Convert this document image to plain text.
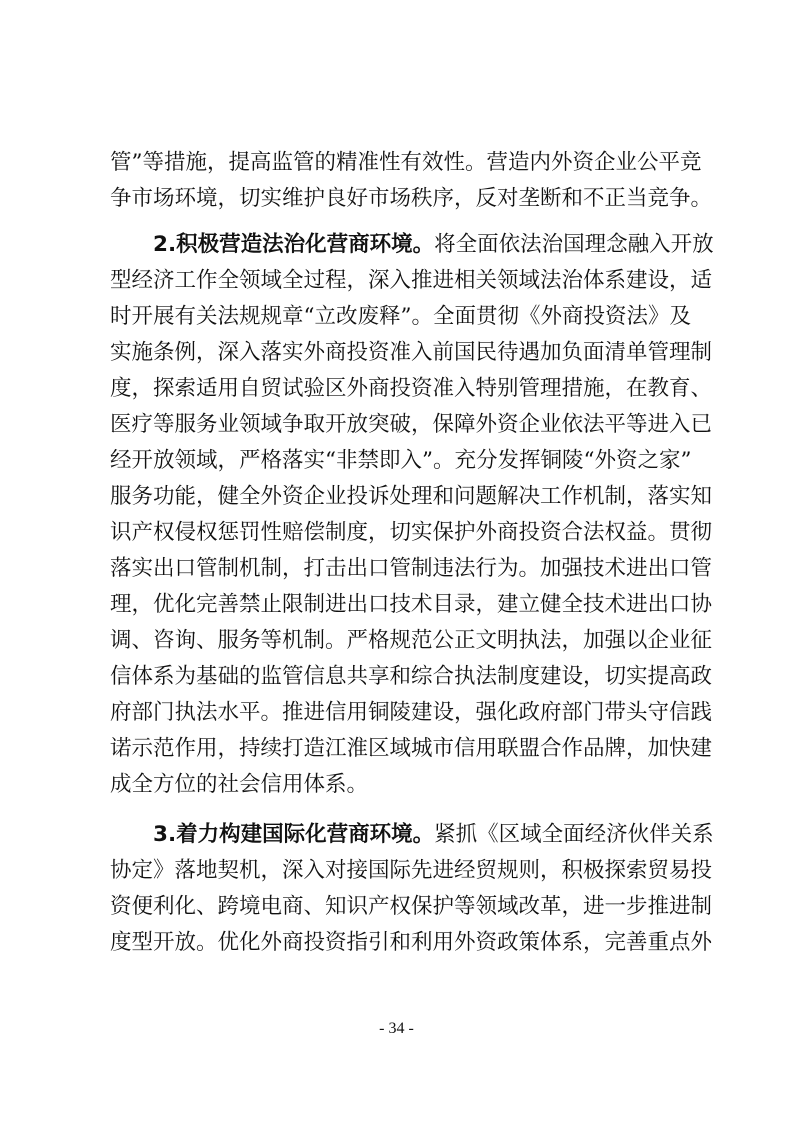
管”等措施，提高监管的精准性有效性。营造内外资企业公平竞
争市场环境，切实维护良好市场秩序，反对垄断和不正当竞争。
2.积极营造法治化营商环境。将全面依法治国理念融入开放
型经济工作全领域全过程，深入推进相关领域法治体系建设，适
时开展有关法规规章“立改废释”。全面贯彻《外商投资法》及
实施条例，深入落实外商投资准入前国民待遇加负面清单管理制
度，探索适用自贸试验区外商投资准入特别管理措施，在教育、
医疗等服务业领域争取开放突破，保障外资企业依法平等进入已
经开放领域，严格落实“非禁即入”。充分发挥铜陵“外资之家”
服务功能，健全外资企业投诉处理和问题解决工作机制，落实知
识产权侵权惩罚性赔偿制度，切实保护外商投资合法权益。贯彻
落实出口管制机制，打击出口管制违法行为。加强技术进出口管
理，优化完善禁止限制进出口技术目录，建立健全技术进出口协
调、咨询、服务等机制。严格规范公正文明执法，加强以企业征
信体系为基础的监管信息共享和综合执法制度建设，切实提高政
府部门执法水平。推进信用铜陵建设，强化政府部门带头守信践
诺示范作用，持续打造江淮区域城市信用联盟合作品牌，加快建
成全方位的社会信用体系。
3.着力构建国际化营商环境。紧抓《区域全面经济伙伴关系
协定》落地契机，深入对接国际先进经贸规则，积极探索贸易投
资便利化、跨境电商、知识产权保护等领域改革，进一步推进制
度型开放。优化外商投资指引和利用外资政策体系，完善重点外
- 34 -
